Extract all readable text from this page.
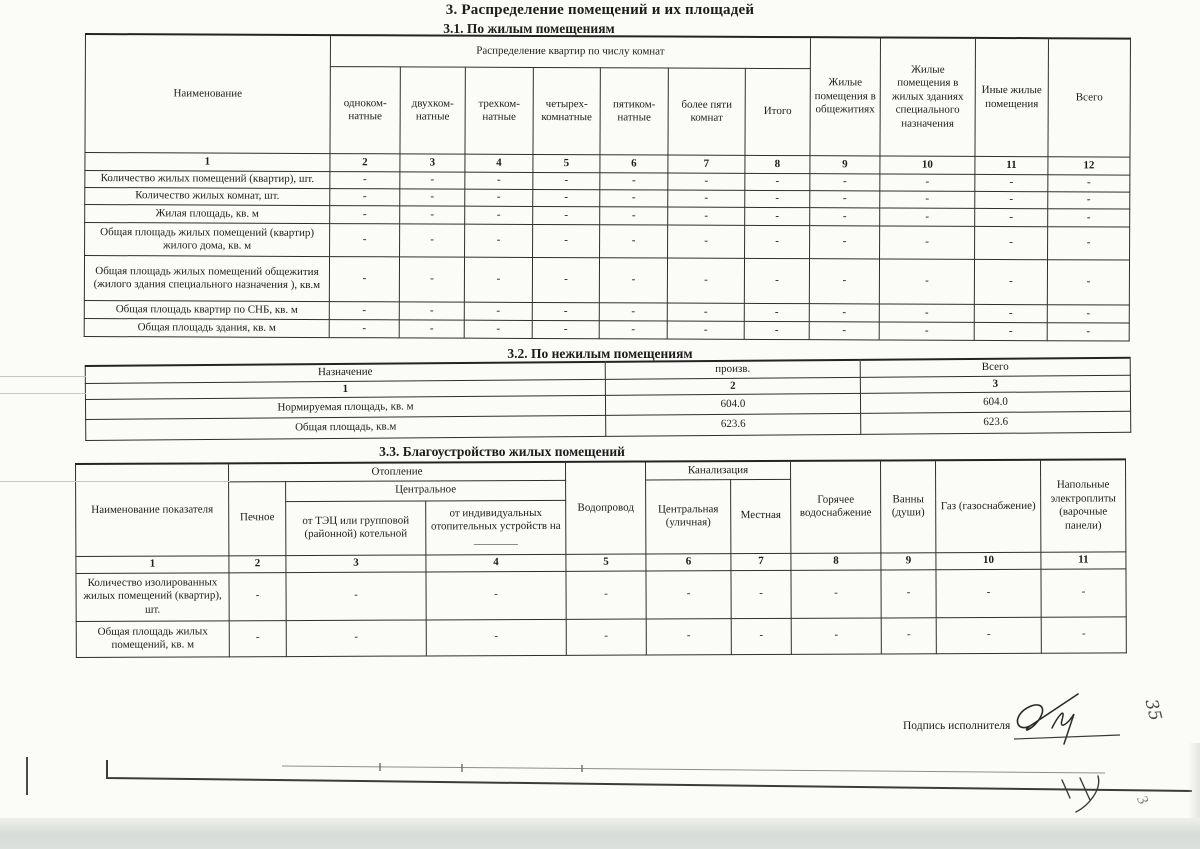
3. Распределение помещений и их площадей
3.1. По жилым помещениям
Наименование	Распределение квартир по числу комнат							Жилые помещения в общежитиях	Жилые помещения в жилых зданиях специального назначения	Иные жилые помещения	Всего
	одноком-натные	двухком-натные	трехком-натные	четырех-комнатные	пятиком-натные	более пяти комнат	Итого				
1	2	3	4	5	6	7	8	9	10	11	12
Количество жилых помещений (квартир), шт.	-	-	-	-	-	-	-	-	-	-	-
Количество жилых комнат, шт.	-	-	-	-	-	-	-	-	-	-	-
Жилая площадь, кв. м	-	-	-	-	-	-	-	-	-	-	-
Общая площадь жилых помещений (квартир) жилого дома, кв. м	-	-	-	-	-	-	-	-	-	-	-
Общая площадь жилых помещений общежития (жилого здания специального назначения ), кв.м	-	-	-	-	-	-	-	-	-	-	-
Общая площадь квартир по СНБ, кв. м	-	-	-	-	-	-	-	-	-	-	-
Общая площадь здания, кв. м	-	-	-	-	-	-	-	-	-	-	-
3.2. По нежилым помещениям
Назначение	произв.	Всего
1	2	3
Нормируемая площадь, кв. м	604.0	604.0
Общая площадь, кв.м	623.6	623.6
3.3. Благоустройство жилых помещений
Наименование показателя	Отопление			Водопровод	Канализация		Горячее водоснабжение	Ванны (души)	Газ (газоснабжение)	Напольные электроплиты (варочные панели)
	Печное	Центральное			Центральная (уличная)	Местная				
		от ТЭЦ или групповой (районной) котельной	от индивидуальных отопительных устройств на ________							
1	2	3	4	5	6	7	8	9	10	11
Количество изолированных жилых помещений (квартир), шт.	-	-	-	-	-	-	-	-	-	-
Общая площадь жилых помещений, кв. м	-	-	-	-	-	-	-	-	-	-
Подпись исполнителя
35
3
